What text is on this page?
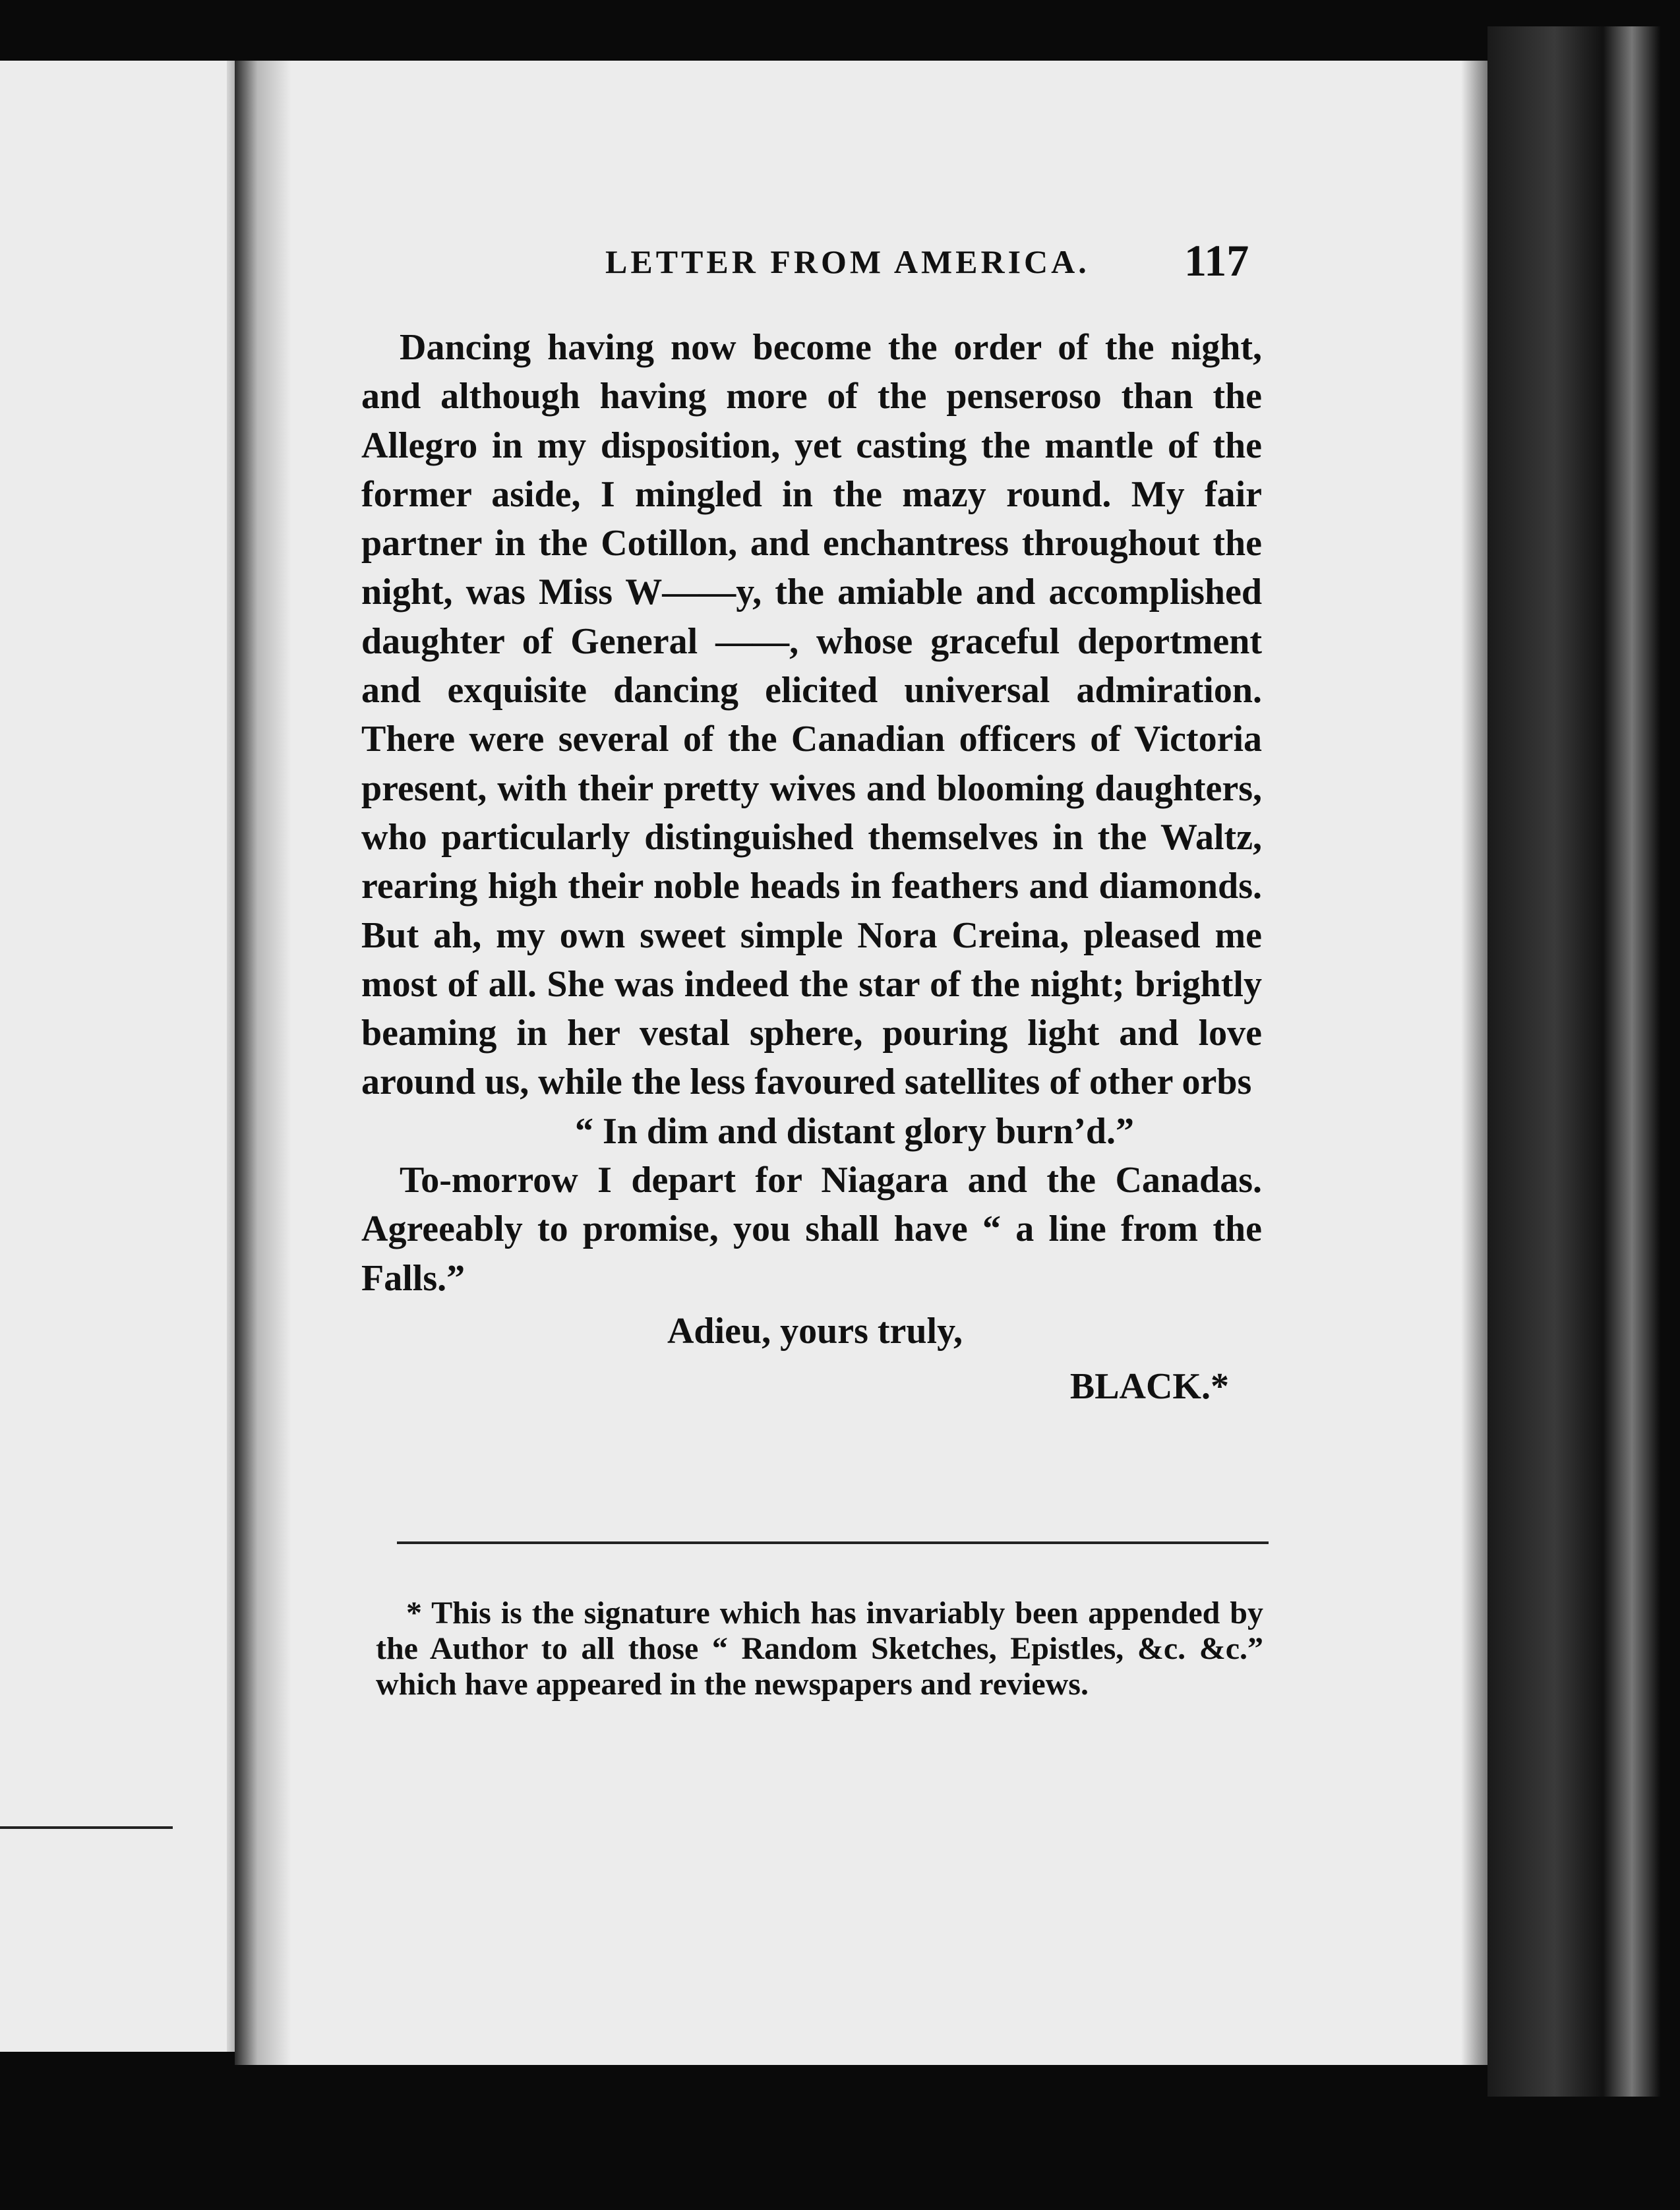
LETTER FROM AMERICA. 117

Dancing having now become the order of the night, and although having more of the penseroso than the Allegro in my disposition, yet casting the mantle of the former aside, I mingled in the mazy round. My fair partner in the Cotillon, and enchantress throughout the night, was Miss W——y, the amiable and accomplished daughter of General ——, whose graceful deportment and exquisite dancing elicited universal admiration. There were several of the Canadian officers of Victoria present, with their pretty wives and blooming daughters, who particularly distinguished themselves in the Waltz, rearing high their noble heads in feathers and diamonds. But ah, my own sweet simple Nora Creina, pleased me most of all. She was indeed the star of the night; brightly beaming in her vestal sphere, pouring light and love around us, while the less favoured satellites of other orbs

“ In dim and distant glory burn’d.”

To-morrow I depart for Niagara and the Canadas. Agreeably to promise, you shall have “ a line from the Falls.”

Adieu, yours truly,

BLACK.*

* This is the signature which has invariably been appended by the Author to all those “ Random Sketches, Epistles, &c. &c.” which have appeared in the newspapers and reviews.
